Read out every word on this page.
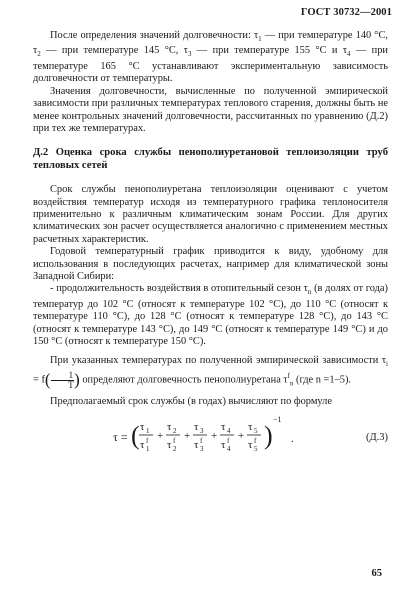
ГОСТ 30732—2001

После определения значений долговечности: $\tau_1$ — при температуре 140 °С, $\tau_2$ — при температуре 145 °С, $\tau_3$ — при температуре 155 °С и $\tau_4$ — при температуре 165 °С устанавливают экспериментальную зависимость долговечности от температуры.

Значения долговечности, вычисленные по полученной эмпирической зависимости при различных температурах теплового старения, должны быть не менее контрольных значений долговечности, рассчитанных по уравнению (Д.2) при тех же температурах.

Д.2 Оценка срока службы пенополиуретановой теплоизоляции труб тепловых сетей

Срок службы пенополиуретана теплоизоляции оценивают с учетом воздействия температур исходя из температурного графика теплоносителя применительно к различным климатическим зонам России. Для других климатических зон расчет осуществляется аналогично с применением местных расчетных характеристик.

Годовой температурный график приводится к виду, удобному для использования в последующих расчетах, например для климатической зоны Западной Сибири:

- продолжительность воздействия в отопительный сезон $\tau_n$ (в долях от года) температур до 102 °С (относят к температуре 102 °С), до 110 °С (относят к температуре 110 °С), до 128 °С (относят к температуре 128 °С), до 143 °С (относят к температуре 143 °С), до 149 °С (относят к температуре 149 °С) и до 150 °С (относят к температуре 150 °С).

При указанных температурах по полученной эмпирической зависимости $\tau_i = f( \frac{1}{T}$ ) определяют долговечность пенополиуретана $\tau^f_n$ (где n =1–5).

Предполагаемый срок службы (в годах) вычисляют по формуле

τ = ( τ 1
τ 1
f +
τ 2
τ 2
f +
τ 3
τ 3
f +
τ 4
τ 4
f +
τ 5
τ 5
f )
−1
.	(Д.3)
65
